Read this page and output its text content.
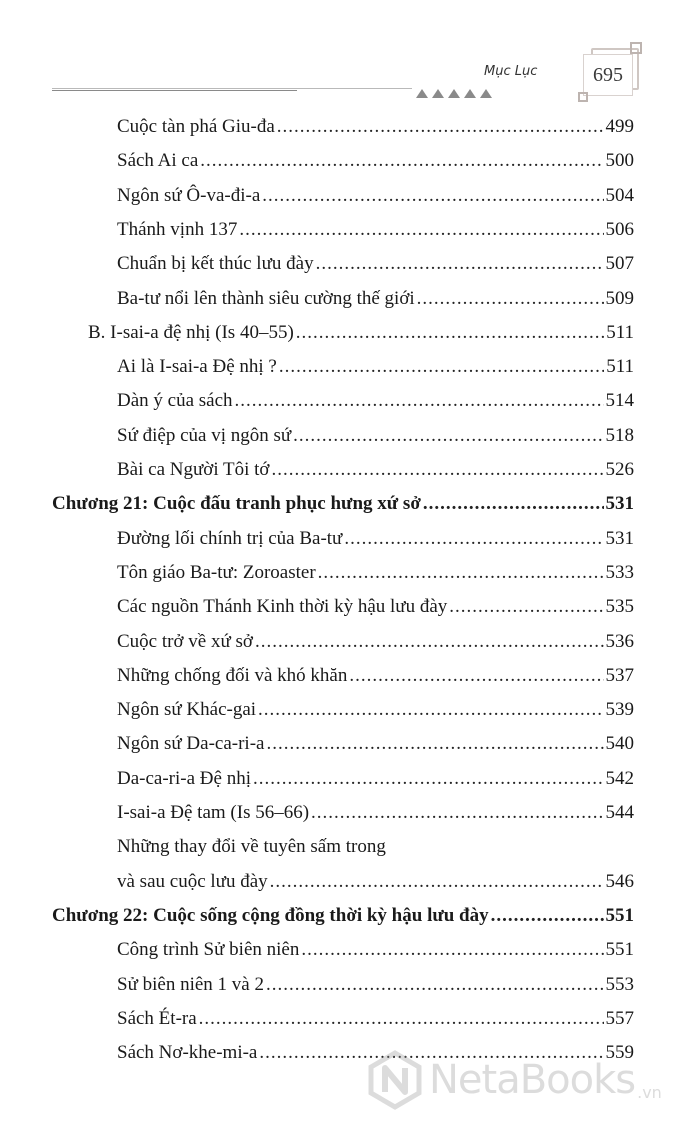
Mục Lục	695
Cuộc tàn phá Giu-đa .....	499
Sách Ai ca .....	500
Ngôn sứ Ô-va-đi-a .....	504
Thánh vịnh 137 .....	506
Chuẩn bị kết thúc lưu đày .....	507
Ba-tư nổi lên thành siêu cường thế giới .....	509
B. I-sai-a đệ nhị (Is 40–55) .....	511
Ai là I-sai-a Đệ nhị ? .....	511
Dàn ý của sách .....	514
Sứ điệp của vị ngôn sứ .....	518
Bài ca Người Tôi tớ .....	526
Chương 21: Cuộc đấu tranh phục hưng xứ sở .....	531
Đường lối chính trị của Ba-tư .....	531
Tôn giáo Ba-tư: Zoroaster .....	533
Các nguồn Thánh Kinh thời kỳ hậu lưu đày .....	535
Cuộc trở về xứ sở .....	536
Những chống đối và khó khăn .....	537
Ngôn sứ Khác-gai .....	539
Ngôn sứ Da-ca-ri-a .....	540
Da-ca-ri-a Đệ nhị .....	542
I-sai-a Đệ tam (Is 56–66) .....	544
Những thay đổi về tuyên sấm trong
và sau cuộc lưu đày .....	546
Chương 22: Cuộc sống cộng đồng thời kỳ hậu lưu đày .....	551
Công trình Sử biên niên .....	551
Sử biên niên 1 và 2 .....	553
Sách Ét-ra .....	557
Sách Nơ-khe-mi-a .....	559
NetaBooks .vn
